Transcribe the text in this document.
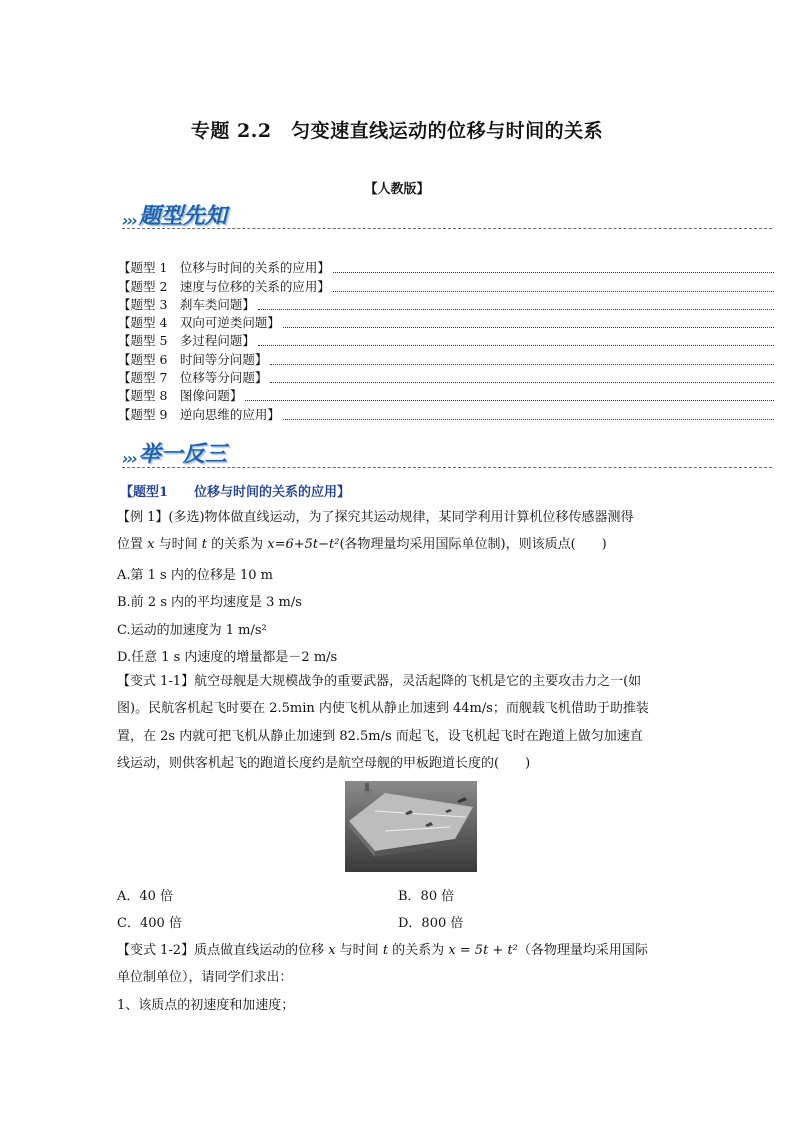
专题 2.2　匀变速直线运动的位移与时间的关系
【人教版】
››› 题型先知
【题型 1　位移与时间的关系的应用】
【题型 2　速度与位移的关系的应用】
【题型 3　刹车类问题】
【题型 4　双向可逆类问题】
【题型 5　多过程问题】
【题型 6　时间等分问题】
【题型 7　位移等分问题】
【题型 8　图像问题】
【题型 9　逆向思维的应用】
››› 举一反三
【题型1　　位移与时间的关系的应用】
【例 1】(多选)物体做直线运动，为了探究其运动规律，某同学利用计算机位移传感器测得
位置 x 与时间 t 的关系为 x=6+5t−t²(各物理量均采用国际单位制)，则该质点(　　)
A.第 1 s 内的位移是 10 m
B.前 2 s 内的平均速度是 3 m/s
C.运动的加速度为 1 m/s²
D.任意 1 s 内速度的增量都是－2 m/s
【变式 1-1】航空母舰是大规模战争的重要武器，灵活起降的飞机是它的主要攻击力之一(如
图)。民航客机起飞时要在 2.5min 内使飞机从静止加速到 44m/s；而舰载飞机借助于助推装
置，在 2s 内就可把飞机从静止加速到 82.5m/s 而起飞，设飞机起飞时在跑道上做匀加速直
线运动，则供客机起飞的跑道长度约是航空母舰的甲板跑道长度的(　　)
A．40 倍	B．80 倍
C．400 倍	D．800 倍
【变式 1-2】质点做直线运动的位移 x 与时间 t 的关系为 x = 5t + t²（各物理量均采用国际
单位制单位），请同学们求出：
1、该质点的初速度和加速度；
